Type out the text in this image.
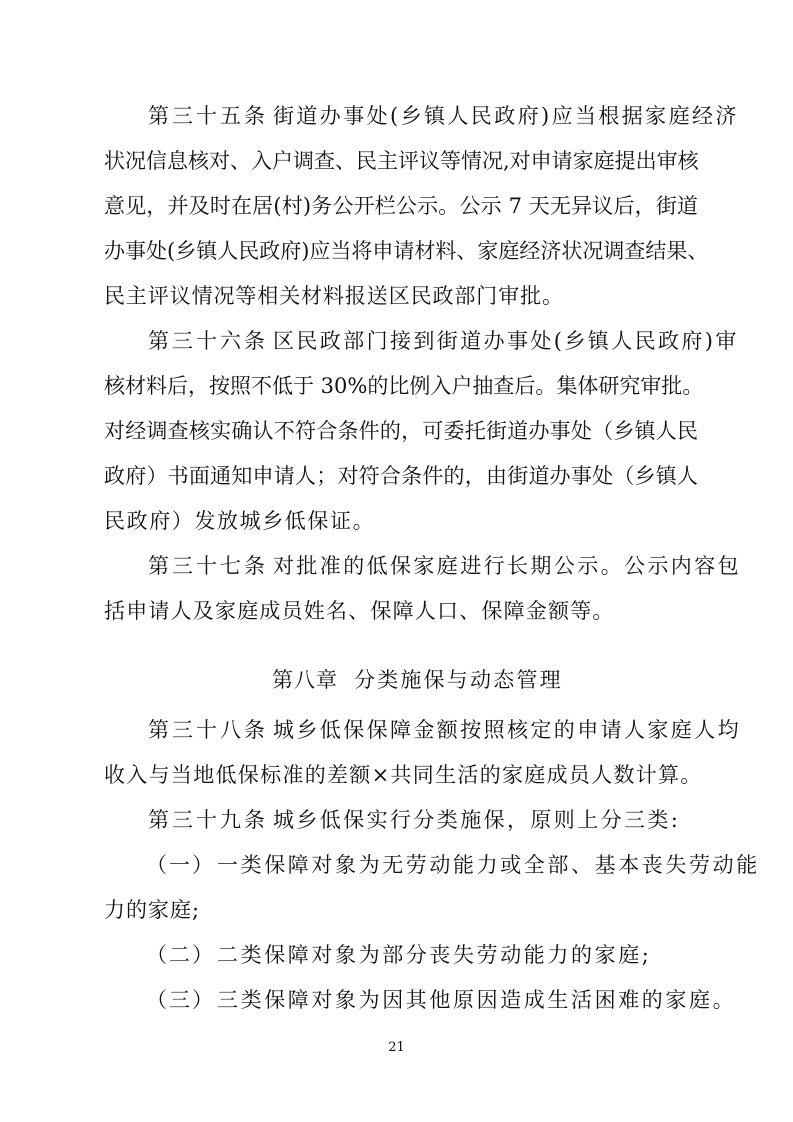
第三十五条 街道办事处(乡镇人民政府)应当根据家庭经济
状况信息核对、入户调查、民主评议等情况,对申请家庭提出审核
意见，并及时在居(村)务公开栏公示。公示 7 天无异议后，街道
办事处(乡镇人民政府)应当将申请材料、家庭经济状况调查结果、
民主评议情况等相关材料报送区民政部门审批。
第三十六条 区民政部门接到街道办事处(乡镇人民政府)审
核材料后，按照不低于 30%的比例入户抽查后。集体研究审批。
对经调查核实确认不符合条件的，可委托街道办事处（乡镇人民
政府）书面通知申请人；对符合条件的，由街道办事处（乡镇人
民政府）发放城乡低保证。
第三十七条 对批准的低保家庭进行长期公示。公示内容包
括申请人及家庭成员姓名、保障人口、保障金额等。
第八章 分类施保与动态管理
第三十八条 城乡低保保障金额按照核定的申请人家庭人均
收入与当地低保标准的差额×共同生活的家庭成员人数计算。
第三十九条 城乡低保实行分类施保，原则上分三类:
（一） 一类保障对象为无劳动能力或全部、基本丧失劳动能
力的家庭;
（二） 二类保障对象为部分丧失劳动能力的家庭;
（三） 三类保障对象为因其他原因造成生活困难的家庭。
21
